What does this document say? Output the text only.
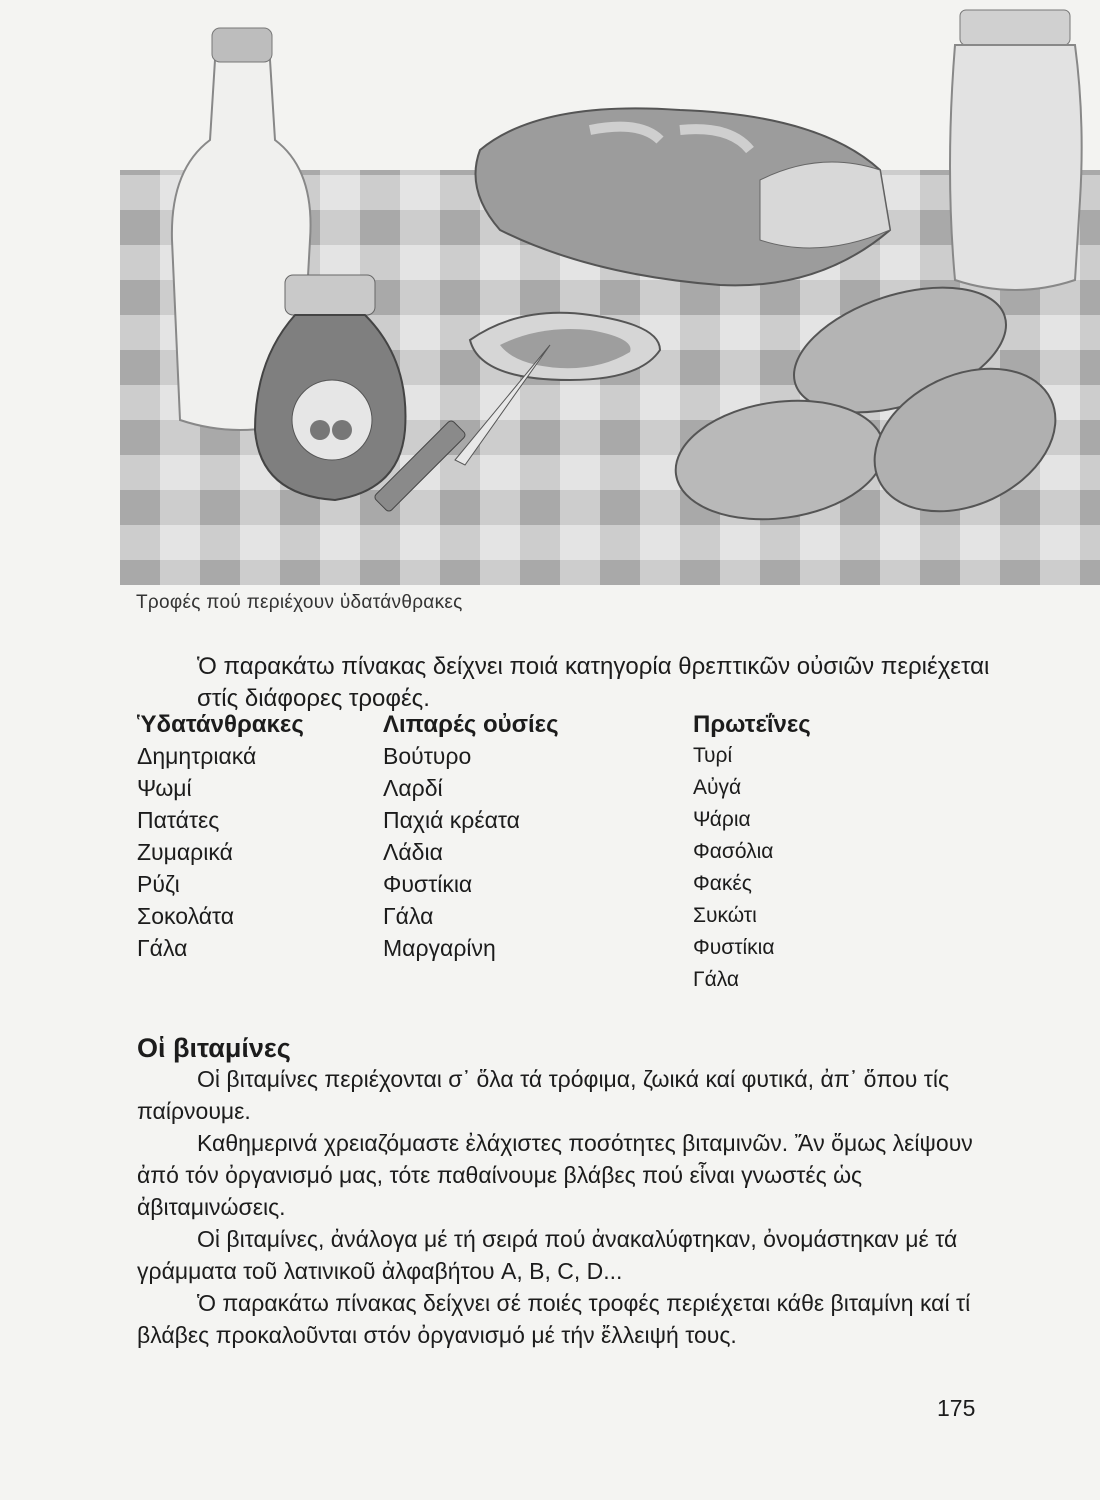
Τροφές πού περιέχουν ὑδατάνθρακες

Ὁ παρακάτω πίνακας δείχνει ποιά κατηγορία θρεπτικῶν οὐσιῶν περιέχεται στίς διάφορες τροφές.

Ὑδατάνθρακες
Δημητριακά
Ψωμί
Πατάτες
Ζυμαρικά
Ρύζι
Σοκολάτα
Γάλα
Λιπαρές οὐσίες
Βούτυρο
Λαρδί
Παχιά κρέατα
Λάδια
Φυστίκια
Γάλα
Μαργαρίνη
Πρωτεΐνες
Τυρί
Αὐγά
Ψάρια
Φασόλια
Φακές
Συκώτι
Φυστίκια
Γάλα
Οἱ βιταμίνες

Οἱ βιταμίνες περιέχονται σ᾿ ὅλα τά τρόφιμα, ζωικά καί φυτικά, ἀπ᾿ ὅπου τίς παίρνουμε.

Καθημερινά χρειαζόμαστε ἐλάχιστες ποσότητες βιταμινῶν. Ἄν ὅμως λείψουν ἀπό τόν ὀργανισμό μας, τότε παθαίνουμε βλάβες πού εἶναι γνωστές ὡς ἀβιταμινώσεις.

Οἱ βιταμίνες, ἀνάλογα μέ τή σειρά πού ἀνακαλύφτηκαν, ὀνομάστηκαν μέ τά γράμματα τοῦ λατινικοῦ ἀλφαβήτου A, B, C, D...

Ὁ παρακάτω πίνακας δείχνει σέ ποιές τροφές περιέχεται κάθε βιταμίνη καί τί βλάβες προκαλοῦνται στόν ὀργανισμό μέ τήν ἔλλειψή τους.

175
